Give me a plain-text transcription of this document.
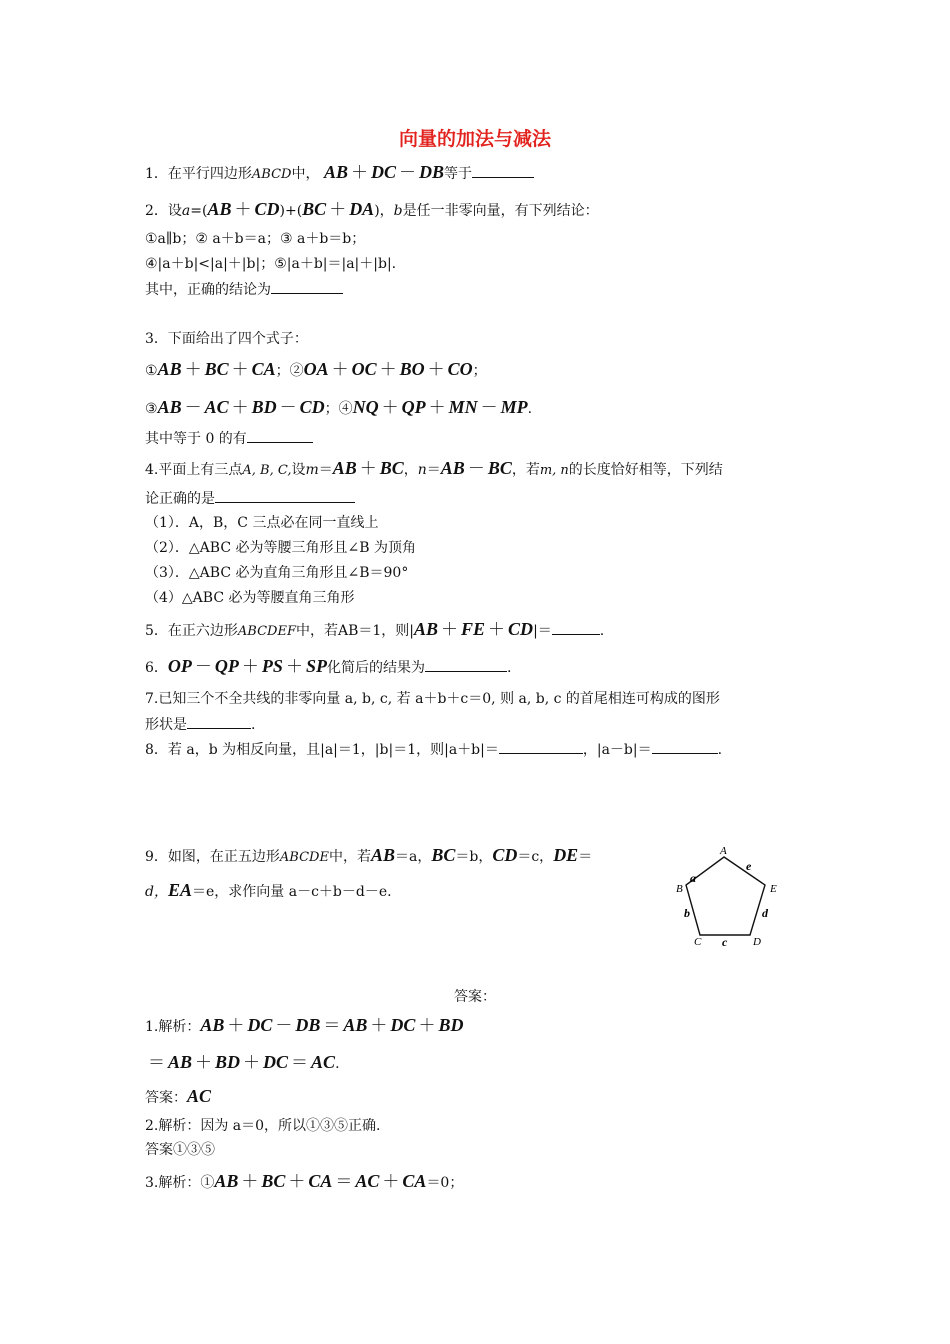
向量的加法与减法
1．在平行四边形ABCD中， AB ＋ DC － DB等于
2．设a=(AB ＋ CD)+(BC ＋ DA)，b是任一非零向量，有下列结论：
①a∥b；② a＋b＝a；③ a＋b＝b；
④|a＋b|<|a|＋|b|；⑤|a＋b|＝|a|＋|b|.
其中，正确的结论为
3．下面给出了四个式子：
①AB ＋ BC ＋ CA；②OA ＋ OC ＋ BO ＋ CO；
③AB － AC ＋ BD － CD；④NQ ＋ QP ＋ MN － MP.
其中等于 0 的有
4.平面上有三点A, B, C,设m＝AB ＋ BC，n＝AB － BC，若m, n的长度恰好相等，下列结
论正确的是
（1）．A，B，C 三点必在同一直线上
（2）．△ABC 必为等腰三角形且∠B 为顶角
（3）．△ABC 必为直角三角形且∠B＝90°
（4）△ABC 必为等腰直角三角形
5．在正六边形ABCDEF中，若AB＝1，则|AB ＋ FE ＋ CD|＝	.
6．OP － QP ＋ PS ＋ SP化简后的结果为	.
7.已知三个不全共线的非零向量 a, b, c, 若 a＋b＋c＝0, 则 a, b, c 的首尾相连可构成的图形
形状是	.
8．若 a，b 为相反向量，且|a|＝1，|b|＝1，则|a＋b|＝	，|a－b|＝	.
9．如图，在正五边形ABCDE中，若AB＝a，BC＝b，CD＝c，DE＝
d，EA＝e，求作向量 a－c＋b－d－e.
A
B
C	D
E
a
b
c
d
e
答案：
1.解析：AB ＋ DC － DB ＝ AB ＋ DC ＋ BD
＝ AB ＋ BD ＋ DC ＝ AC.
答案：AC
2.解析：因为 a＝0，所以①③⑤正确.
答案①③⑤
3.解析：①AB ＋ BC ＋ CA ＝ AC ＋ CA＝0；
